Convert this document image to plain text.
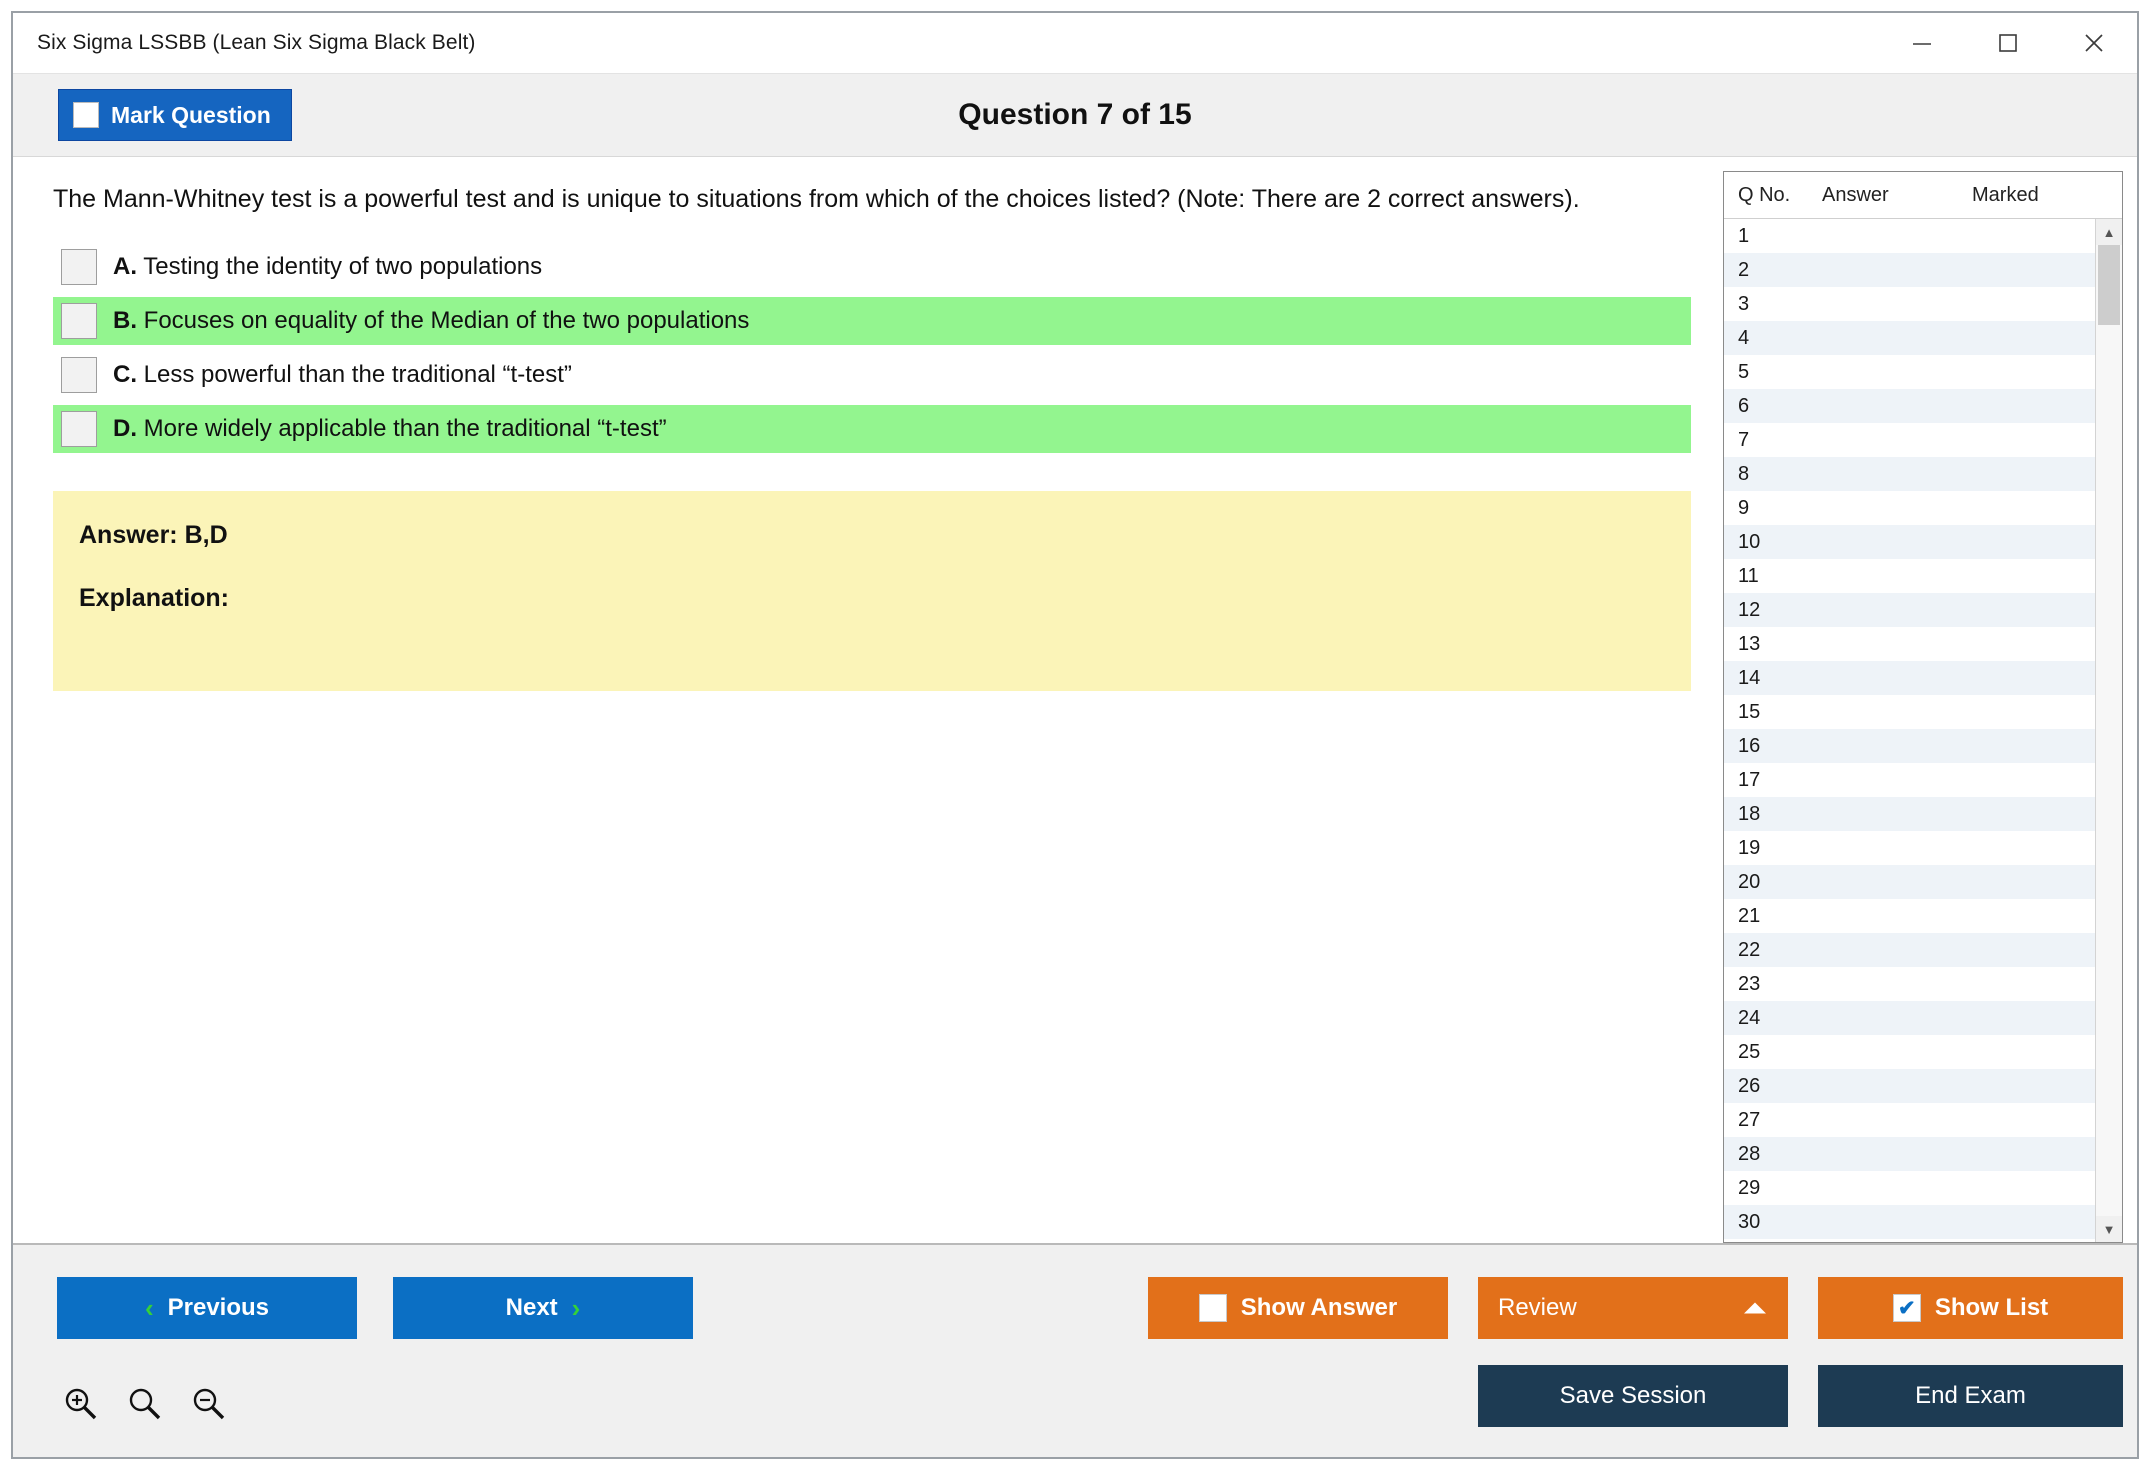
Six Sigma LSSBB (Lean Six Sigma Black Belt)
Mark Question	Question 7 of 15
The Mann-Whitney test is a powerful test and is unique to situations from which of the choices listed? (Note: There are 2 correct answers).
A. Testing the identity of two populations
B. Focuses on equality of the Median of the two populations
C. Less powerful than the traditional “t-test”
D. More widely applicable than the traditional “t-test”
Answer: B,D
Explanation:
Q No.	Answer	Marked
1
2
3
4
5
6
7
8
9
10
11
12
13
14
15
16
17
18
19
20
21
22
23
24
25
26
27
28
29
30
▲
▼
‹ Previous	Next ›	Show Answer	Review	✔ Show List
Save Session	End Exam
